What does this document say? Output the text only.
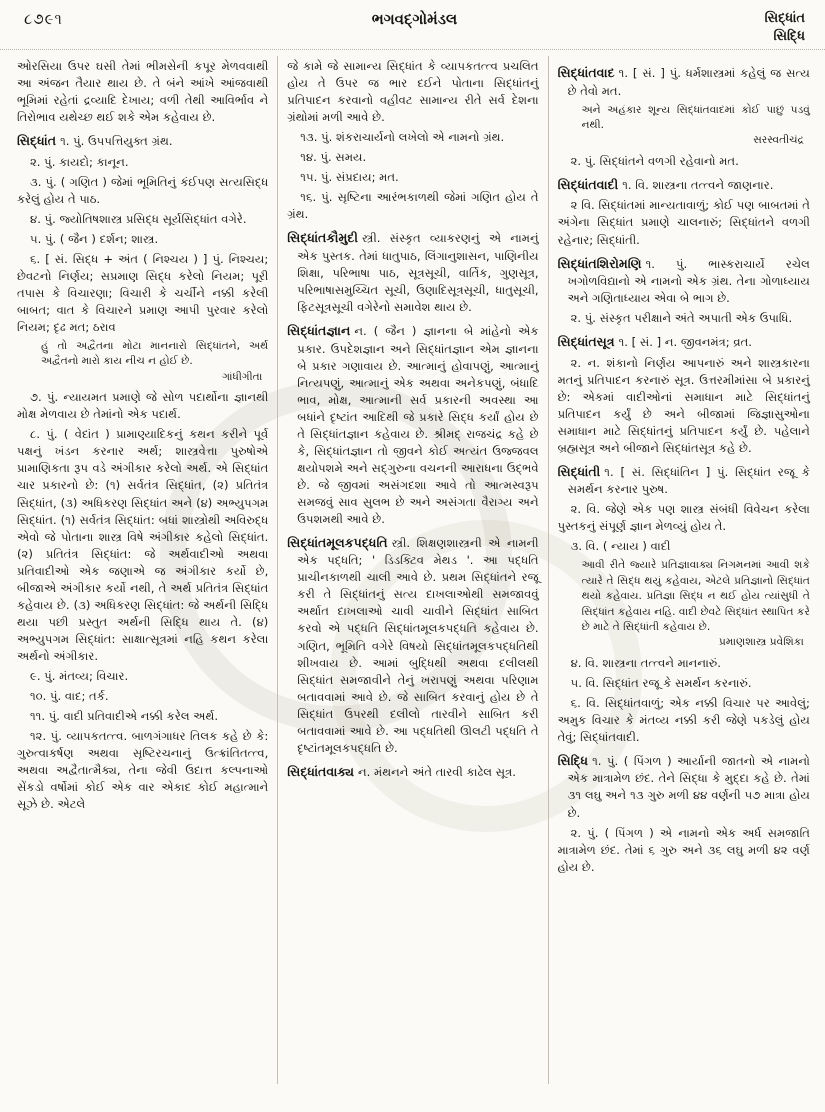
૮૭૯૧	ભગવદ્ગોમંડલ	સિદ્ધાંત
સિદ્ધિ

ઓરસિયા ઉપર ઘસી તેમાં ભીમસેની કપૂર મેળવવાથી આ અંજન તૈયાર થાય છે. તે બંને આંખે આંજવાથી ભૂમિમાં રહેતાં દ્રવ્યાદિ દેખાય; વળી તેથી આવિર્ભાવ ને તિરોભાવ યથેચ્છ થઈ શકે એમ કહેવાય છે.

સિદ્ધાંત ૧. પું. ઉપપત્તિયુક્ત ગ્રંથ.

૨. પું. કાયદો; કાનૂન.

૩. પું. ( ગણિત ) જેમાં ભૂમિતિનું કંઈપણ સત્યસિદ્ધ કરેલું હોય તે પાઠ.

૪. પું. જ્યોતિષશાસ્ત્ર પ્રસિદ્ધ સૂર્યસિદ્ધાંત વગેરે.

૫. પું. ( જૈન ) દર્શન; શાસ્ત્ર.

૬. [ સં. સિદ્ધ + અંત ( નિશ્ચય ) ] પું. નિશ્ચય; છેવટનો નિર્ણય; સપ્રમાણ સિદ્ધ કરેલો નિયમ; પૂરી તપાસ કે વિચારણા; વિચારી કે ચર્ચીને નક્કી કરેલી બાબત; વાત કે વિચારને પ્રમાણ આપી પુરવાર કરેલો નિયમ; દૃઢ મત; ઠરાવ

હું તો અદ્વૈતના મોટા માનનારો સિદ્ધાંતને, અર્થ અદ્વૈતનો મારો કાય નીચ ન હોઈ છે.

ગાંધીગીતા

૭. પું. ન્યાયમત પ્રમાણે જે સોળ પદાર્થોના જ્ઞાનથી મોક્ષ મેળવાય છે તેમાંનો એક પદાર્થ.

૮. પું. ( વેદાંત ) પ્રામાણ્યાદિકનું કથન કરીને પૂર્વ પક્ષનું ખંડન કરનાર અર્થ; શાસ્ત્રવેત્તા પુરુષોએ પ્રામાણિકતા રૂપ વડે અંગીકાર કરેલો અર્થ. એ સિદ્ધાંત ચાર પ્રકારનો છે: (૧) સર્વતંત્ર સિદ્ધાંત, (૨) પ્રતિતંત્ર સિદ્ધાંત, (૩) અધિકરણ સિદ્ધાંત અને (૪) અભ્યુપગમ સિદ્ધાંત. (૧) સર્વતંત્ર સિદ્ધાંત: બધાં શાસ્ત્રોથી અવિરુદ્ધ એવો જે પોતાના શાસ્ત્ર વિષે અંગીકાર કહેલો સિદ્ધાંત. (૨) પ્રતિતંત્ર સિદ્ધાંત: જે અર્થવાદીઓ અથવા પ્રતિવાદીઓ એક જણાએ જ અંગીકાર કર્યો છે, બીજાએ અંગીકાર કર્યો નથી, તે અર્થ પ્રતિતંત્ર સિદ્ધાંત કહેવાય છે. (૩) અધિકરણ સિદ્ધાંત: જે અર્થની સિદ્ધિ થયા પછી પ્રસ્તુત અર્થની સિદ્ધિ થાય તે. (૪) અભ્યુપગમ સિદ્ધાંત: સાક્ષાત્સૂત્રમાં નહિ કથન કરેલા અર્થનો અંગીકાર.

૯. પું. મંતવ્ય; વિચાર.

૧૦. પું. વાદ; તર્ક.

૧૧. પું. વાદી પ્રતિવાદીએ નક્કી કરેલ અર્થ.

૧૨. પું. વ્યાપકતત્ત્વ. બાળગંગાધર તિલક કહે છે કે: ગુરુત્વાકર્ષણ અથવા સૃષ્ટિરચનાનું ઉત્ક્રાંતિતત્ત્વ, અથવા અદ્વૈતાત્મૈક્ય, તેના જેવી ઉદાત્ત કલ્પનાઓ સેંકડો વર્ષોમાં કોઈ એક વાર એકાદ કોઈ મહાત્માને સૂઝે છે. એટલે

જે કામે જે સામાન્ય સિદ્ધાંત કે વ્યાપકતત્ત્વ પ્રચલિત હોય તે ઉપર જ ભાર દઈને પોતાના સિદ્ધાંતનું પ્રતિપાદન કરવાનો વહીવટ સામાન્ય રીતે સર્વ દેશના ગ્રંથોમાં મળી આવે છે.

૧૩. પું. શંકરાચાર્યનો લખેલો એ નામનો ગ્રંથ.

૧૪. પું. સમય.

૧૫. પું. સંપ્રદાય; મત.

૧૬. પું. સૃષ્ટિના આરંભકાળથી જેમાં ગણિત હોય તે ગ્રંથ.

સિદ્ધાંતકૌમુદી સ્ત્રી. સંસ્કૃત વ્યાકરણનું એ નામનું એક પુસ્તક. તેમાં ધાતુપાઠ, લિંગાનુશાસન, પાણિનીય શિક્ષા, પરિભાષા પાઠ, સૂત્રસૂચી, વાર્તિક, ગુણસૂત્ર, પરિભાષાસમુચ્ચિત સૂચી, ઉણાદિસૂત્રસૂચી, ધાતુસૂચી, ફિટસૂત્રસૂચી વગેરેનો સમાવેશ થાય છે.

સિદ્ધાંતજ્ઞાન ન. ( જૈન ) જ્ઞાનના બે માંહેનો એક પ્રકાર. ઉપદેશજ્ઞાન અને સિદ્ધાંતજ્ઞાન એમ જ્ઞાનના બે પ્રકાર ગણાવાય છે. આત્માનું હોવાપણું, આત્માનું નિત્યપણું, આત્માનું એક અથવા અનેકપણું, બંધાદિ ભાવ, મોક્ષ, આત્માની સર્વ પ્રકારની અવસ્થા આ બધાંને દૃષ્ટાંત આદિથી જે પ્રકારે સિદ્ધ કર્યાં હોય છે તે સિદ્ધાંતજ્ઞાન કહેવાય છે. શ્રીમદ્ રાજચંદ્ર કહે છે કે, સિદ્ધાંતજ્ઞાન તો જીવને કોઈ અત્યંત ઉજ્જવલ ક્ષયોપશમે અને સદ્ગુરુના વચનની આરાધના ઉદ્ભવે છે. જે જીવમાં અસંગદશા આવે તો આત્મસ્વરૂપ સમજવું સાવ સુલભ છે અને અસંગતા વૈરાગ્ય અને ઉપશમથી આવે છે.

સિદ્ધાંતમૂલકપદ્ધતિ સ્ત્રી. શિક્ષણશાસ્ત્રની એ નામની એક પદ્ધતિ; ' ડિડક્ટિવ મેથડ '. આ પદ્ધતિ પ્રાચીનકાળથી ચાલી આવે છે. પ્રથમ સિદ્ધાંતને રજૂ કરી તે સિદ્ધાંતનું સત્ય દાખલાઓથી સમજાવવું અર્થાત દાખલાઓ ચાવી ચાવીને સિદ્ધાંત સાબિત કરવો એ પદ્ધતિ સિદ્ધાંતમૂલકપદ્ધતિ કહેવાય છે. ગણિત, ભૂમિતિ વગેરે વિષયો સિદ્ધાંતમૂલકપદ્ધતિથી શીખવાય છે. આમાં બુદ્ધિથી અથવા દલીલથી સિદ્ધાંત સમજાવીને તેનું ખરાપણું અથવા પરિણામ બતાવવામાં આવે છે. જે સાબિત કરવાનું હોય છે તે સિદ્ધાંત ઉપરથી દલીલો તારવીને સાબિત કરી બતાવવામાં આવે છે. આ પદ્ધતિથી ઊલટી પદ્ધતિ તે દૃષ્ટાંતમૂલકપદ્ધતિ છે.

સિદ્ધાંતવાક્ય ન. મંથનને અંતે તારવી કાઢેલ સૂત્ર.

સિદ્ધાંતવાદ ૧. [ સં. ] પું. ધર્મશાસ્ત્રમાં કહેલું જ સત્ય છે તેવો મત.

અને અહંકાર શૂન્ય સિદ્ધાંતવાદમાં કોઈ પાછું પડવું નથી.

સરસ્વતીચંદ્ર

૨. પું. સિદ્ધાંતને વળગી રહેવાનો મત.

સિદ્ધાંતવાદી ૧. વિ. શાસ્ત્રના તત્ત્વને જાણનાર.

૨ વિ. સિદ્ધાંતમાં માન્યતાવાળું; કોઈ પણ બાબતમાં તે અંગેના સિદ્ધાંત પ્રમાણે ચાલનારું; સિદ્ધાંતને વળગી રહેનાર; સિદ્ધાંતી.

સિદ્ધાંતશિરોમણિ ૧. પું. ભાસ્કરાચાર્યે રચેલ ખગોળવિદ્યાનો એ નામનો એક ગ્રંથ. તેના ગોળાધ્યાય અને ગણિતાધ્યાય એવા બે ભાગ છે.

૨. પું. સંસ્કૃત પરીક્ષાને અંતે અપાતી એક ઉપાધિ.

સિદ્ધાંતસૂત્ર ૧. [ સં. ] ન. જીવનમંત્ર; વ્રત.

૨. ન. શંકાનો નિર્ણય આપનારું અને શાસ્ત્રકારના મતનું પ્રતિપાદન કરનારું સૂત્ર. ઉત્તરમીમાંસા બે પ્રકારનું છે: એકમાં વાદીઓનાં સમાધાન માટે સિદ્ધાંતનું પ્રતિપાદન કર્યું છે અને બીજામાં જિજ્ઞાસુઓના સમાધાન માટે સિદ્ધાંતનું પ્રતિપાદન કર્યું છે. પહેલાને બ્રહ્મસૂત્ર અને બીજાને સિદ્ધાંતસૂત્ર કહે છે.

સિદ્ધાંતી ૧. [ સં. સિદ્ધાંતિન ] પું. સિદ્ધાંત રજૂ કે સમર્થન કરનાર પુરુષ.

૨. વિ. જેણે એક પણ શાસ્ત્ર સંબંધી વિવેચન કરેલા પુસ્તકનું સંપૂર્ણ જ્ઞાન મેળવ્યું હોય તે.

૩. વિ. ( ન્યાય ) વાદી

આવી રીતે જ્યારે પ્રતિજ્ઞાવાક્ય નિગમનમાં આવી શકે ત્યારે તે સિદ્ધ થયું કહેવાય, એટલે પ્રતિજ્ઞાનો સિદ્ધાંત થયો કહેવાય. પ્રતિજ્ઞા સિદ્ધ ન થઈ હોય ત્યાંસુધી તે સિદ્ધાંત કહેવાય નહિ. વાદી છેવટે સિદ્ધાંત સ્થાપિત કરે છે માટે તે સિદ્ધાંતી કહેવાય છે.

પ્રમાણશાસ્ત્ર પ્રવેશિકા

૪. વિ. શાસ્ત્રના તત્ત્વને માનનારું.

૫. વિ. સિદ્ધાંત રજૂ કે સમર્થન કરનારું.

૬. વિ. સિદ્ધાંતવાળું; એક નક્કી વિચાર પર આવેલું; અમુક વિચાર કે મંતવ્ય નક્કી કરી જેણે પકડેલું હોય તેવું; સિદ્ધાંતવાદી.

સિદ્ધિ ૧. પું. ( પિંગળ ) આર્યાની જાતનો એ નામનો એક માત્રામેળ છંદ. તેને સિદ્ધા કે મુદ્દા કહે છે. તેમાં ૩૧ લઘુ અને ૧૩ ગુરુ મળી ૪૪ વર્ણની ૫૭ માત્રા હોય છે.

૨. પું. ( પિંગળ ) એ નામનો એક અર્ધ સમજાતિ માત્રામેળ છંદ. તેમાં ૬ ગુરુ અને ૩૬ લઘુ મળી ૪૨ વર્ણ હોય છે.
